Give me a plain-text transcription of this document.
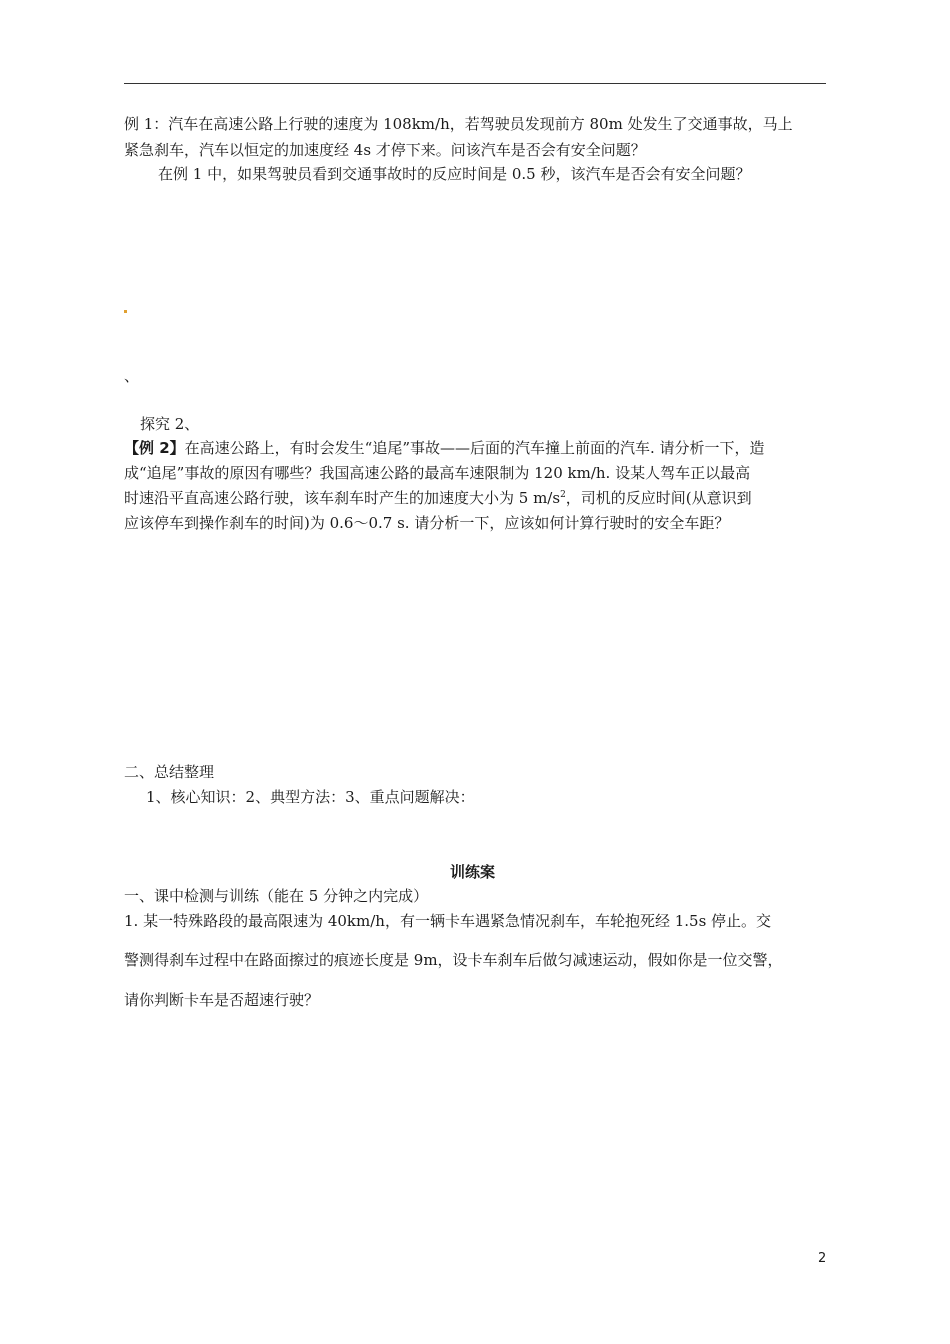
例 1：汽车在高速公路上行驶的速度为 108km/h，若驾驶员发现前方 80m 处发生了交通事故，马上
紧急刹车，汽车以恒定的加速度经 4s 才停下来。问该汽车是否会有安全问题？
在例 1 中，如果驾驶员看到交通事故时的反应时间是 0.5 秒，该汽车是否会有安全问题？
、
探究 2、
【例 2】在高速公路上，有时会发生“追尾”事故——后面的汽车撞上前面的汽车. 请分析一下，造
成“追尾”事故的原因有哪些？我国高速公路的最高车速限制为 120 km/h. 设某人驾车正以最高
时速沿平直高速公路行驶，该车刹车时产生的加速度大小为 5 $m/s^2$，司机的反应时间(从意识到
应该停车到操作刹车的时间)为 0.6～0.7 s. 请分析一下，应该如何计算行驶时的安全车距？
二、总结整理
1、核心知识：2、典型方法：3、重点问题解决：
训练案
一、课中检测与训练（能在 5 分钟之内完成）
1. 某一特殊路段的最高限速为 40km/h，有一辆卡车遇紧急情况刹车，车轮抱死经 1.5s 停止。交
警测得刹车过程中在路面擦过的痕迹长度是 9m，设卡车刹车后做匀减速运动，假如你是一位交警，
请你判断卡车是否超速行驶？
2
